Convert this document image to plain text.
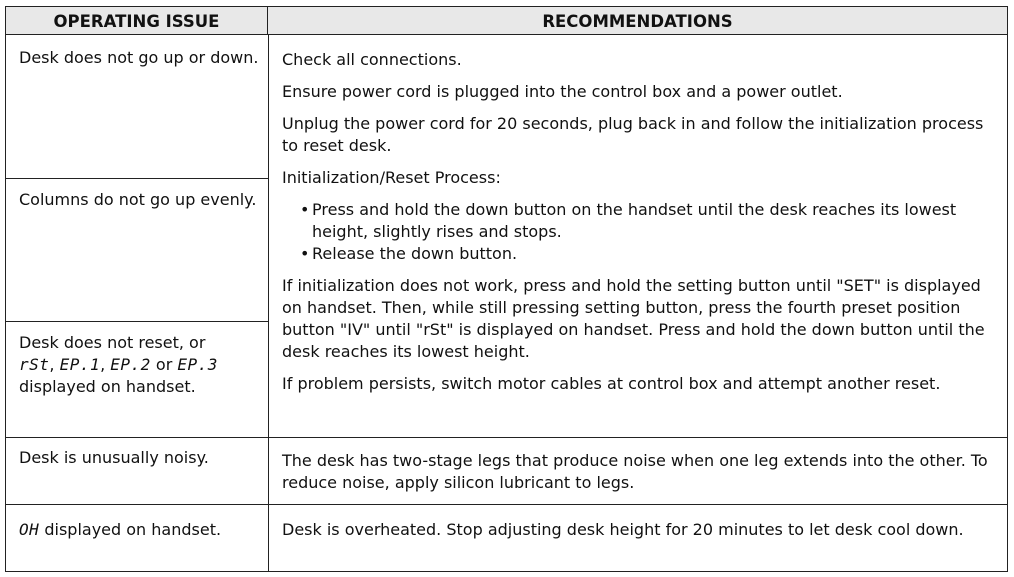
OPERATING ISSUE	RECOMMENDATIONS
Desk does not go up or down.
Columns do not go up evenly.
Desk does not reset, or
rSt, EP.1, EP.2 or EP.3
displayed on handset.
Desk is unusually noisy.
OH displayed on handset.

Check all connections.

Ensure power cord is plugged into the control box and a power outlet.

Unplug the power cord for 20 seconds, plug back in and follow the initialization process to reset desk.

Initialization/Reset Process:

• Press and hold the down button on the handset until the desk reaches its lowest height, slightly rises and stops.

• Release the down button.

If initialization does not work, press and hold the setting button until "SET" is displayed on handset. Then, while still pressing setting button, press the fourth preset position button "IV" until "rSt" is displayed on handset. Press and hold the down button until the desk reaches its lowest height.

If problem persists, switch motor cables at control box and attempt another reset.

The desk has two-stage legs that produce noise when one leg extends into the other. To reduce noise, apply silicon lubricant to legs.
Desk is overheated. Stop adjusting desk height for 20 minutes to let desk cool down.
